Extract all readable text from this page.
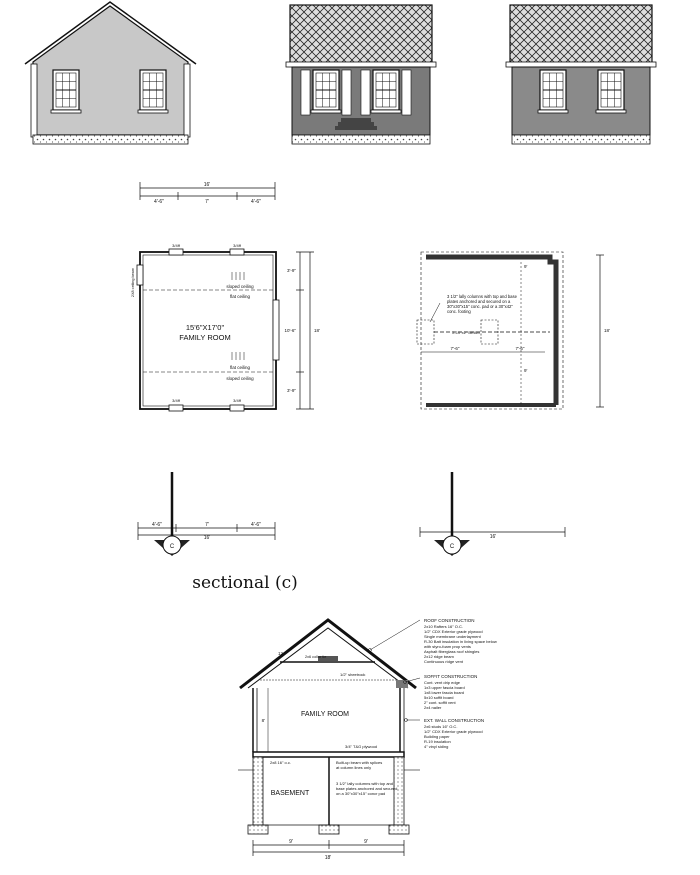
16'
4'-6"	7'	4'-6"
3/4ff	3/4ff
3/4ff	3/4ff
sloped ceiling
flat ceiling
15'6"X17'0"
FAMILY ROOM
flat ceiling
sloped ceiling
2X8 ceiling beam	3'-9"
10'-6"
3'-9"
18'
3 1/2" lally columns with top and base plates anchored and secured on a 30"x30"x15" conc. pad or a 30"x42" conc. footing
2-10"x2" BEAM
7'-6"	7'-6"
9'
9'
18'
C	C
4'-6"	7'	4'-6"
16'	16'
sectional (c)
12
2x6 collar tie
1/2" sheetrock
FAMILY ROOM
8'
3/4" T&G plywood
2x8 16" o.c.	Built-up beam with splices at column lines only
3 1/2" lally columns with top and base plates anchored and secured on a 30"x30"x15" concr pad
BASEMENT
ROOF CONSTRUCTION
2x10 Rafters 16" O.C. 1/2" CDX Exterior grade plywood Single membrane underlayment R-30 Batt insulation in living space below with styro-foam prop vents Asphalt fiberglass roof shingles 2x12 ridge beam Continuous ridge vent
SOFFIT CONSTRUCTION
Cont. vent drip edge 1x3 upper fascia board 1x8 lower fascia board 5x10 soffit board 2" cont. soffit vent 2x4 nailer
EXT. WALL CONSTRUCTION
2x6 studs 16" O.C. 1/2" CDX Exterior grade plywood Building paper R-19 insulation 4" vinyl siding
9'	9'
18'
